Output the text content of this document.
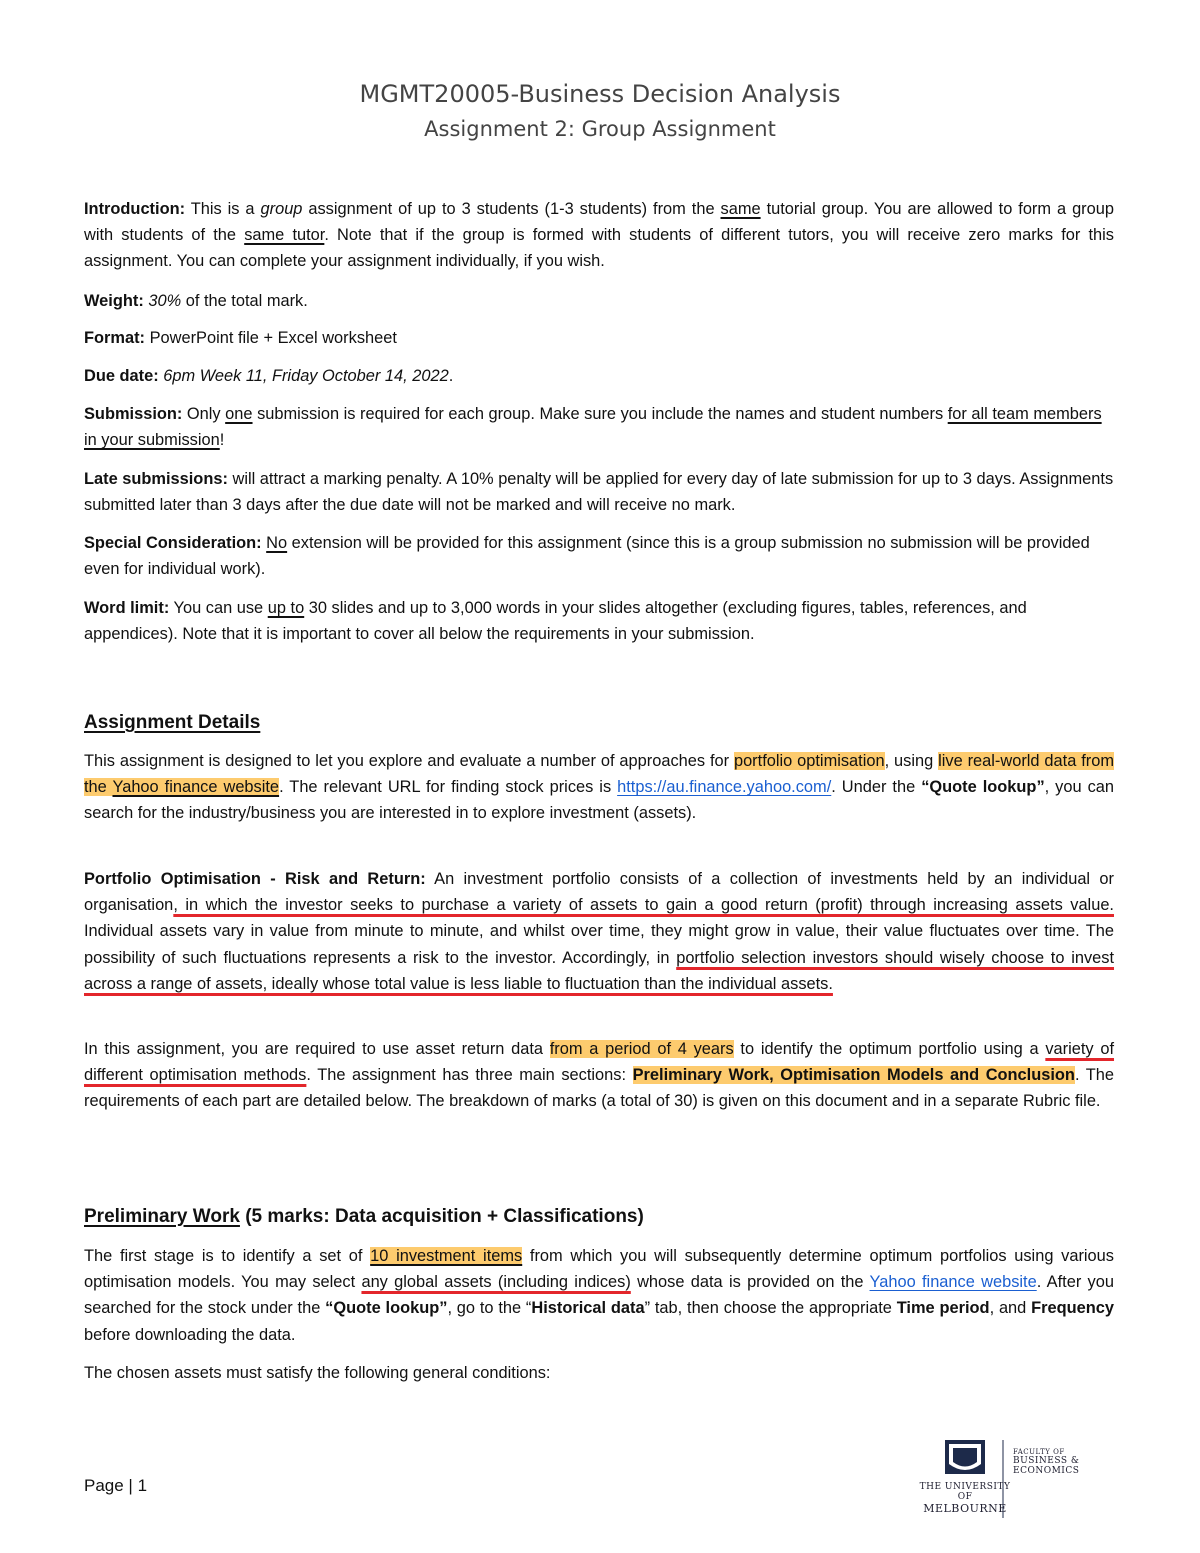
MGMT20005-Business Decision Analysis
Assignment 2: Group Assignment

Introduction: This is a group assignment of up to 3 students (1-3 students) from the same tutorial group. You are allowed to form a group with students of the same tutor. Note that if the group is formed with students of different tutors, you will receive zero marks for this assignment. You can complete your assignment individually, if you wish.

Weight: 30% of the total mark.

Format: PowerPoint file + Excel worksheet

Due date: 6pm Week 11, Friday October 14, 2022.

Submission: Only one submission is required for each group. Make sure you include the names and student numbers for all team members in your submission!

Late submissions: will attract a marking penalty. A 10% penalty will be applied for every day of late submission for up to 3 days. Assignments submitted later than 3 days after the due date will not be marked and will receive no mark.

Special Consideration: No extension will be provided for this assignment (since this is a group submission no submission will be provided even for individual work).

Word limit: You can use up to 30 slides and up to 3,000 words in your slides altogether (excluding figures, tables, references, and appendices). Note that it is important to cover all below the requirements in your submission.

Assignment Details

This assignment is designed to let you explore and evaluate a number of approaches for portfolio optimisation, using live real-world data from the Yahoo finance website. The relevant URL for finding stock prices is https://au.finance.yahoo.com/. Under the “Quote lookup”, you can search for the industry/business you are interested in to explore investment (assets).

Portfolio Optimisation - Risk and Return: An investment portfolio consists of a collection of investments held by an individual or organisation, in which the investor seeks to purchase a variety of assets to gain a good return (profit) through increasing assets value. Individual assets vary in value from minute to minute, and whilst over time, they might grow in value, their value fluctuates over time. The possibility of such fluctuations represents a risk to the investor. Accordingly, in portfolio selection investors should wisely choose to invest across a range of assets, ideally whose total value is less liable to fluctuation than the individual assets.

In this assignment, you are required to use asset return data from a period of 4 years to identify the optimum portfolio using a variety of different optimisation methods. The assignment has three main sections: Preliminary Work, Optimisation Models and Conclusion. The requirements of each part are detailed below. The breakdown of marks (a total of 30) is given on this document and in a separate Rubric file.

Preliminary Work (5 marks: Data acquisition + Classifications)

The first stage is to identify a set of 10 investment items from which you will subsequently determine optimum portfolios using various optimisation models. You may select any global assets (including indices) whose data is provided on the Yahoo finance website. After you searched for the stock under the “Quote lookup”, go to the “Historical data” tab, then choose the appropriate Time period, and Frequency before downloading the data.

The chosen assets must satisfy the following general conditions:

Page | 1	THE UNIVERSITY OF
MELBOURNE
FACULTY OF
BUSINESS &
ECONOMICS
